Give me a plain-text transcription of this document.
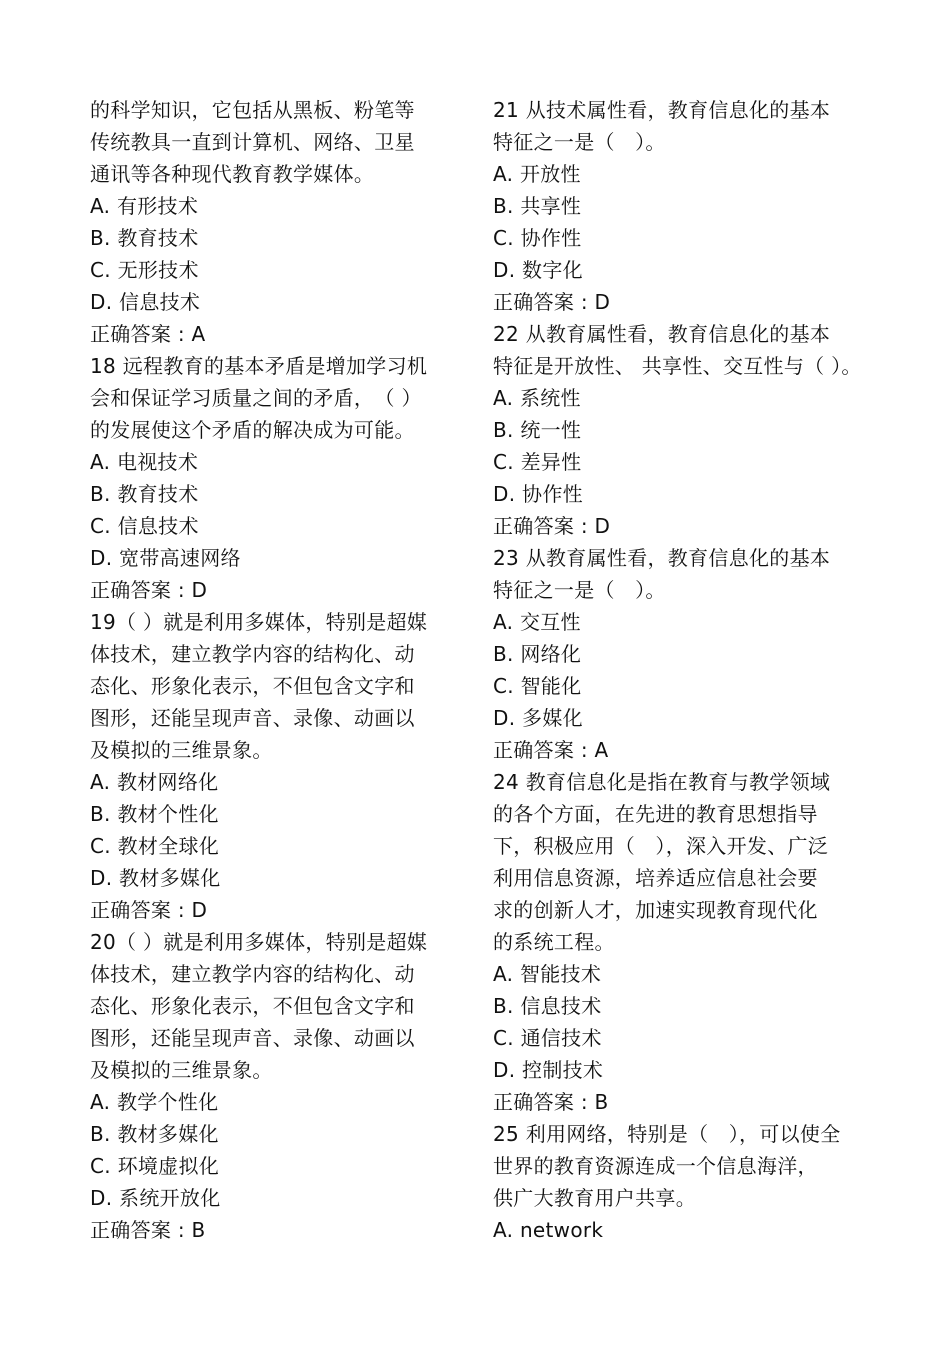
的科学知识，它包括从黑板、粉笔等
传统教具一直到计算机、网络、卫星
通讯等各种现代教育教学媒体。
A. 有形技术
B. 教育技术
C. 无形技术
D. 信息技术
正确答案 : A
18 远程教育的基本矛盾是增加学习机
会和保证学习质量之间的矛盾，　（ ）
的发展使这个矛盾的解决成为可能。
A. 电视技术
B. 教育技术
C. 信息技术
D. 宽带高速网络
正确答案 : D
19（ ）就是利用多媒体，特别是超媒
体技术，建立教学内容的结构化、动
态化、形象化表示，不但包含文字和
图形，还能呈现声音、录像、动画以
及模拟的三维景象。
A. 教材网络化
B. 教材个性化
C. 教材全球化
D. 教材多媒化
正确答案 : D
20（ ）就是利用多媒体，特别是超媒
体技术，建立教学内容的结构化、动
态化、形象化表示，不但包含文字和
图形，还能呈现声音、录像、动画以
及模拟的三维景象。
A. 教学个性化
B. 教材多媒化
C. 环境虚拟化
D. 系统开放化
正确答案 : B
21 从技术属性看，教育信息化的基本
特征之一是（　）。
A. 开放性
B. 共享性
C. 协作性
D. 数字化
正确答案 : D
22 从教育属性看，教育信息化的基本
特征是开放性、 共享性、交互性与（ ）。
A. 系统性
B. 统一性
C. 差异性
D. 协作性
正确答案 : D
23 从教育属性看，教育信息化的基本
特征之一是（　）。
A. 交互性
B. 网络化
C. 智能化
D. 多媒化
正确答案 : A
24 教育信息化是指在教育与教学领域
的各个方面，在先进的教育思想指导
下，积极应用（　），深入开发、广泛
利用信息资源，培养适应信息社会要
求的创新人才，加速实现教育现代化
的系统工程。
A. 智能技术
B. 信息技术
C. 通信技术
D. 控制技术
正确答案 : B
25 利用网络，特别是（　），可以使全
世界的教育资源连成一个信息海洋，
供广大教育用户共享。
A. network
